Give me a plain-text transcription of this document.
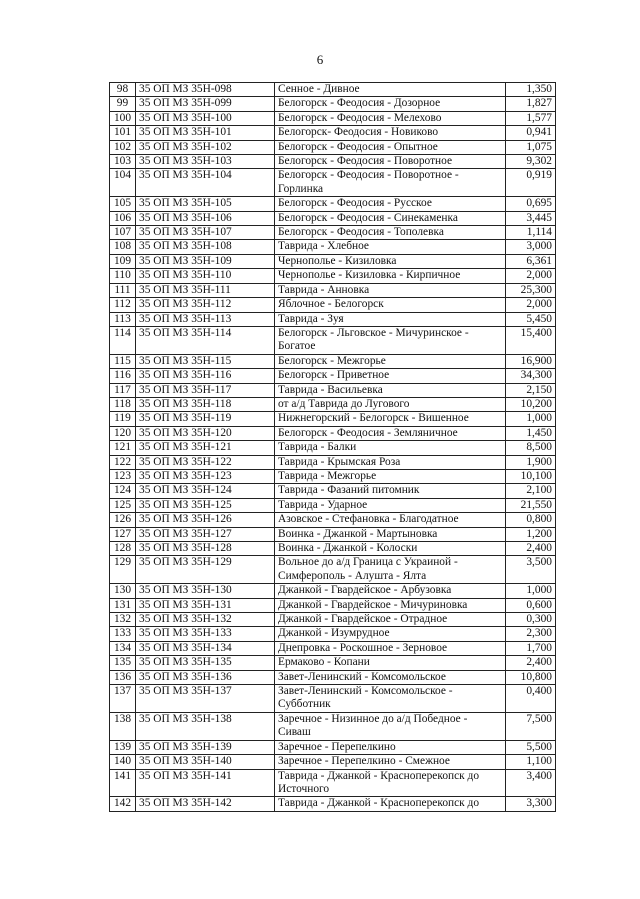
6
98	35 ОП МЗ 35Н-098	Сенное - Дивное	1,350
99	35 ОП МЗ 35Н-099	Белогорск - Феодосия - Дозорное	1,827
100	35 ОП МЗ 35Н-100	Белогорск - Феодосия - Мелехово	1,577
101	35 ОП МЗ 35Н-101	Белогорск- Феодосия - Новиково	0,941
102	35 ОП МЗ 35Н-102	Белогорск - Феодосия - Опытное	1,075
103	35 ОП МЗ 35Н-103	Белогорск - Феодосия - Поворотное	9,302
104	35 ОП МЗ 35Н-104	Белогорск - Феодосия - Поворотное - Горлинка	0,919
105	35 ОП МЗ 35Н-105	Белогорск - Феодосия - Русское	0,695
106	35 ОП МЗ 35Н-106	Белогорск - Феодосия - Синекаменка	3,445
107	35 ОП МЗ 35Н-107	Белогорск - Феодосия - Тополевка	1,114
108	35 ОП МЗ 35Н-108	Таврида - Хлебное	3,000
109	35 ОП МЗ 35Н-109	Чернополье - Кизиловка	6,361
110	35 ОП МЗ 35Н-110	Чернополье - Кизиловка - Кирпичное	2,000
111	35 ОП МЗ 35Н-111	Таврида - Анновка	25,300
112	35 ОП МЗ 35Н-112	Яблочное - Белогорск	2,000
113	35 ОП МЗ 35Н-113	Таврида - Зуя	5,450
114	35 ОП МЗ 35Н-114	Белогорск - Льговское - Мичуринское - Богатое	15,400
115	35 ОП МЗ 35Н-115	Белогорск - Межгорье	16,900
116	35 ОП МЗ 35Н-116	Белогорск - Приветное	34,300
117	35 ОП МЗ 35Н-117	Таврида - Васильевка	2,150
118	35 ОП МЗ 35Н-118	от а/д Таврида до Лугового	10,200
119	35 ОП МЗ 35Н-119	Нижнегорский - Белогорск - Вишенное	1,000
120	35 ОП МЗ 35Н-120	Белогорск - Феодосия - Земляничное	1,450
121	35 ОП МЗ 35Н-121	Таврида - Балки	8,500
122	35 ОП МЗ 35Н-122	Таврида - Крымская Роза	1,900
123	35 ОП МЗ 35Н-123	Таврида - Межгорье	10,100
124	35 ОП МЗ 35Н-124	Таврида - Фазаний питомник	2,100
125	35 ОП МЗ 35Н-125	Таврида - Ударное	21,550
126	35 ОП МЗ 35Н-126	Азовское - Стефановка - Благодатное	0,800
127	35 ОП МЗ 35Н-127	Воинка - Джанкой - Мартыновка	1,200
128	35 ОП МЗ 35Н-128	Воинка - Джанкой - Колоски	2,400
129	35 ОП МЗ 35Н-129	Вольное до а/д Граница с Украиной - Симферополь - Алушта - Ялта	3,500
130	35 ОП МЗ 35Н-130	Джанкой - Гвардейское - Арбузовка	1,000
131	35 ОП МЗ 35Н-131	Джанкой - Гвардейское - Мичуриновка	0,600
132	35 ОП МЗ 35Н-132	Джанкой - Гвардейское - Отрадное	0,300
133	35 ОП МЗ 35Н-133	Джанкой - Изумрудное	2,300
134	35 ОП МЗ 35Н-134	Днепровка - Роскошное - Зерновое	1,700
135	35 ОП МЗ 35Н-135	Ермаково - Копани	2,400
136	35 ОП МЗ 35Н-136	Завет-Ленинский - Комсомольское	10,800
137	35 ОП МЗ 35Н-137	Завет-Ленинский - Комсомольское - Субботник	0,400
138	35 ОП МЗ 35Н-138	Заречное - Низинное до а/д Победное - Сиваш	7,500
139	35 ОП МЗ 35Н-139	Заречное - Перепелкино	5,500
140	35 ОП МЗ 35Н-140	Заречное - Перепелкино - Смежное	1,100
141	35 ОП МЗ 35Н-141	Таврида - Джанкой - Красноперекопск до Источного	3,400
142	35 ОП МЗ 35Н-142	Таврида - Джанкой - Красноперекопск до	3,300
